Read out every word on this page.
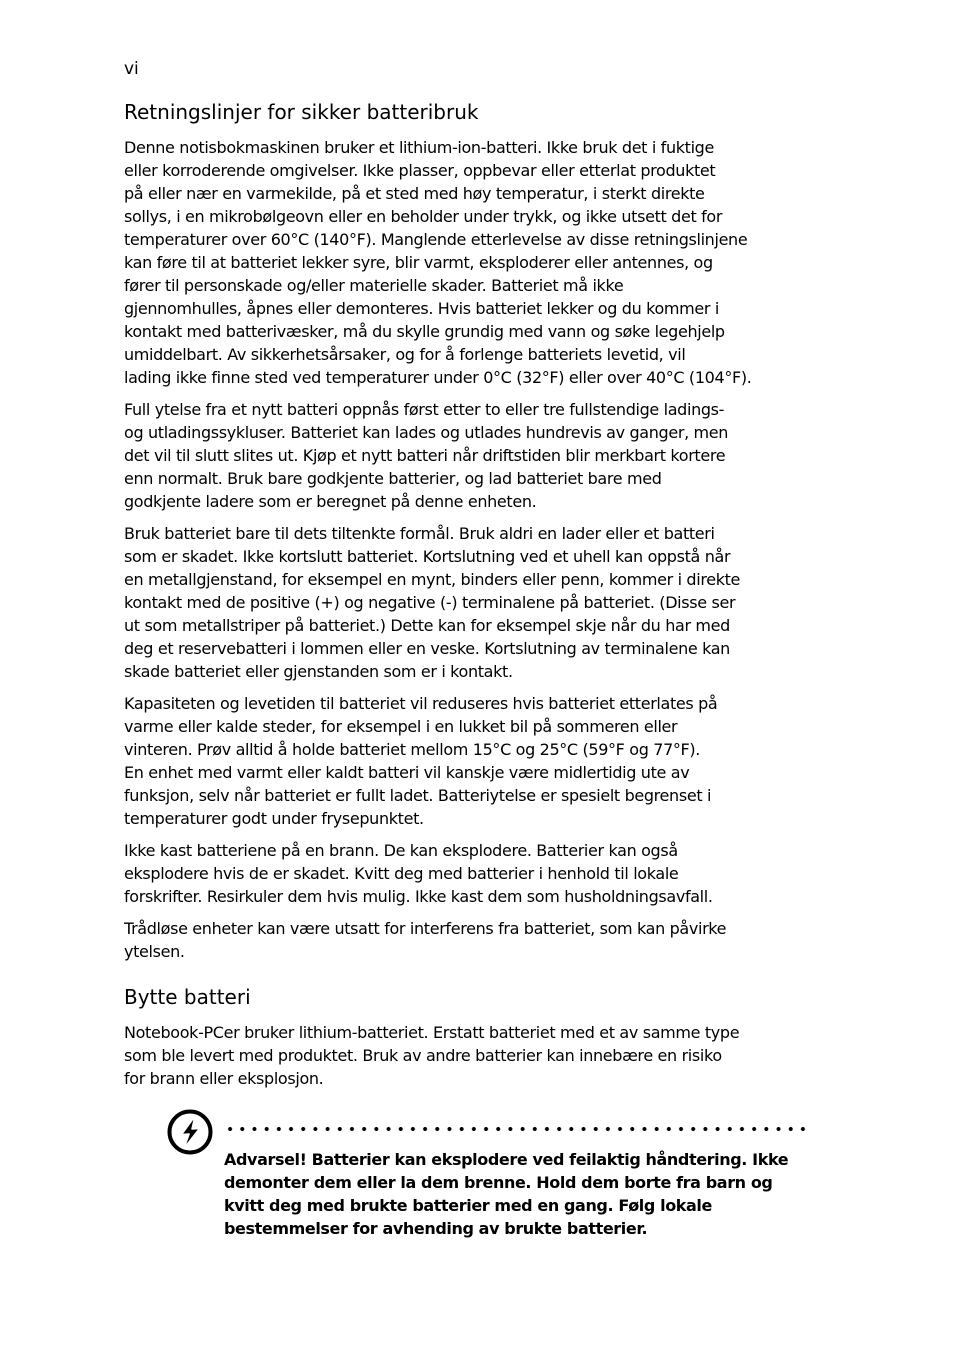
vi
Retningslinjer for sikker batteribruk

Denne notisbokmaskinen bruker et lithium-ion-batteri. Ikke bruk det i fuktige
eller korroderende omgivelser. Ikke plasser, oppbevar eller etterlat produktet
på eller nær en varmekilde, på et sted med høy temperatur, i sterkt direkte
sollys, i en mikrobølgeovn eller en beholder under trykk, og ikke utsett det for
temperaturer over 60°C (140°F). Manglende etterlevelse av disse retningslinjene
kan føre til at batteriet lekker syre, blir varmt, eksploderer eller antennes, og
fører til personskade og/eller materielle skader. Batteriet må ikke
gjennomhulles, åpnes eller demonteres. Hvis batteriet lekker og du kommer i
kontakt med batterivæsker, må du skylle grundig med vann og søke legehjelp
umiddelbart. Av sikkerhetsårsaker, og for å forlenge batteriets levetid, vil
lading ikke finne sted ved temperaturer under 0°C (32°F) eller over 40°C (104°F).

Full ytelse fra et nytt batteri oppnås først etter to eller tre fullstendige ladings-
og utladingssykluser. Batteriet kan lades og utlades hundrevis av ganger, men
det vil til slutt slites ut. Kjøp et nytt batteri når driftstiden blir merkbart kortere
enn normalt. Bruk bare godkjente batterier, og lad batteriet bare med
godkjente ladere som er beregnet på denne enheten.

Bruk batteriet bare til dets tiltenkte formål. Bruk aldri en lader eller et batteri
som er skadet. Ikke kortslutt batteriet. Kortslutning ved et uhell kan oppstå når
en metallgjenstand, for eksempel en mynt, binders eller penn, kommer i direkte
kontakt med de positive (+) og negative (-) terminalene på batteriet. (Disse ser
ut som metallstriper på batteriet.) Dette kan for eksempel skje når du har med
deg et reservebatteri i lommen eller en veske. Kortslutning av terminalene kan
skade batteriet eller gjenstanden som er i kontakt.

Kapasiteten og levetiden til batteriet vil reduseres hvis batteriet etterlates på
varme eller kalde steder, for eksempel i en lukket bil på sommeren eller
vinteren. Prøv alltid å holde batteriet mellom 15°C og 25°C (59°F og 77°F).
En enhet med varmt eller kaldt batteri vil kanskje være midlertidig ute av
funksjon, selv når batteriet er fullt ladet. Batteriytelse er spesielt begrenset i
temperaturer godt under frysepunktet.

Ikke kast batteriene på en brann. De kan eksplodere. Batterier kan også
eksplodere hvis de er skadet. Kvitt deg med batterier i henhold til lokale
forskrifter. Resirkuler dem hvis mulig. Ikke kast dem som husholdningsavfall.

Trådløse enheter kan være utsatt for interferens fra batteriet, som kan påvirke
ytelsen.

Bytte batteri

Notebook-PCer bruker lithium-batteriet. Erstatt batteriet med et av samme type
som ble levert med produktet. Bruk av andre batterier kan innebære en risiko
for brann eller eksplosjon.

Advarsel! Batterier kan eksplodere ved feilaktig håndtering. Ikke
demonter dem eller la dem brenne. Hold dem borte fra barn og
kvitt deg med brukte batterier med en gang. Følg lokale
bestemmelser for avhending av brukte batterier.
